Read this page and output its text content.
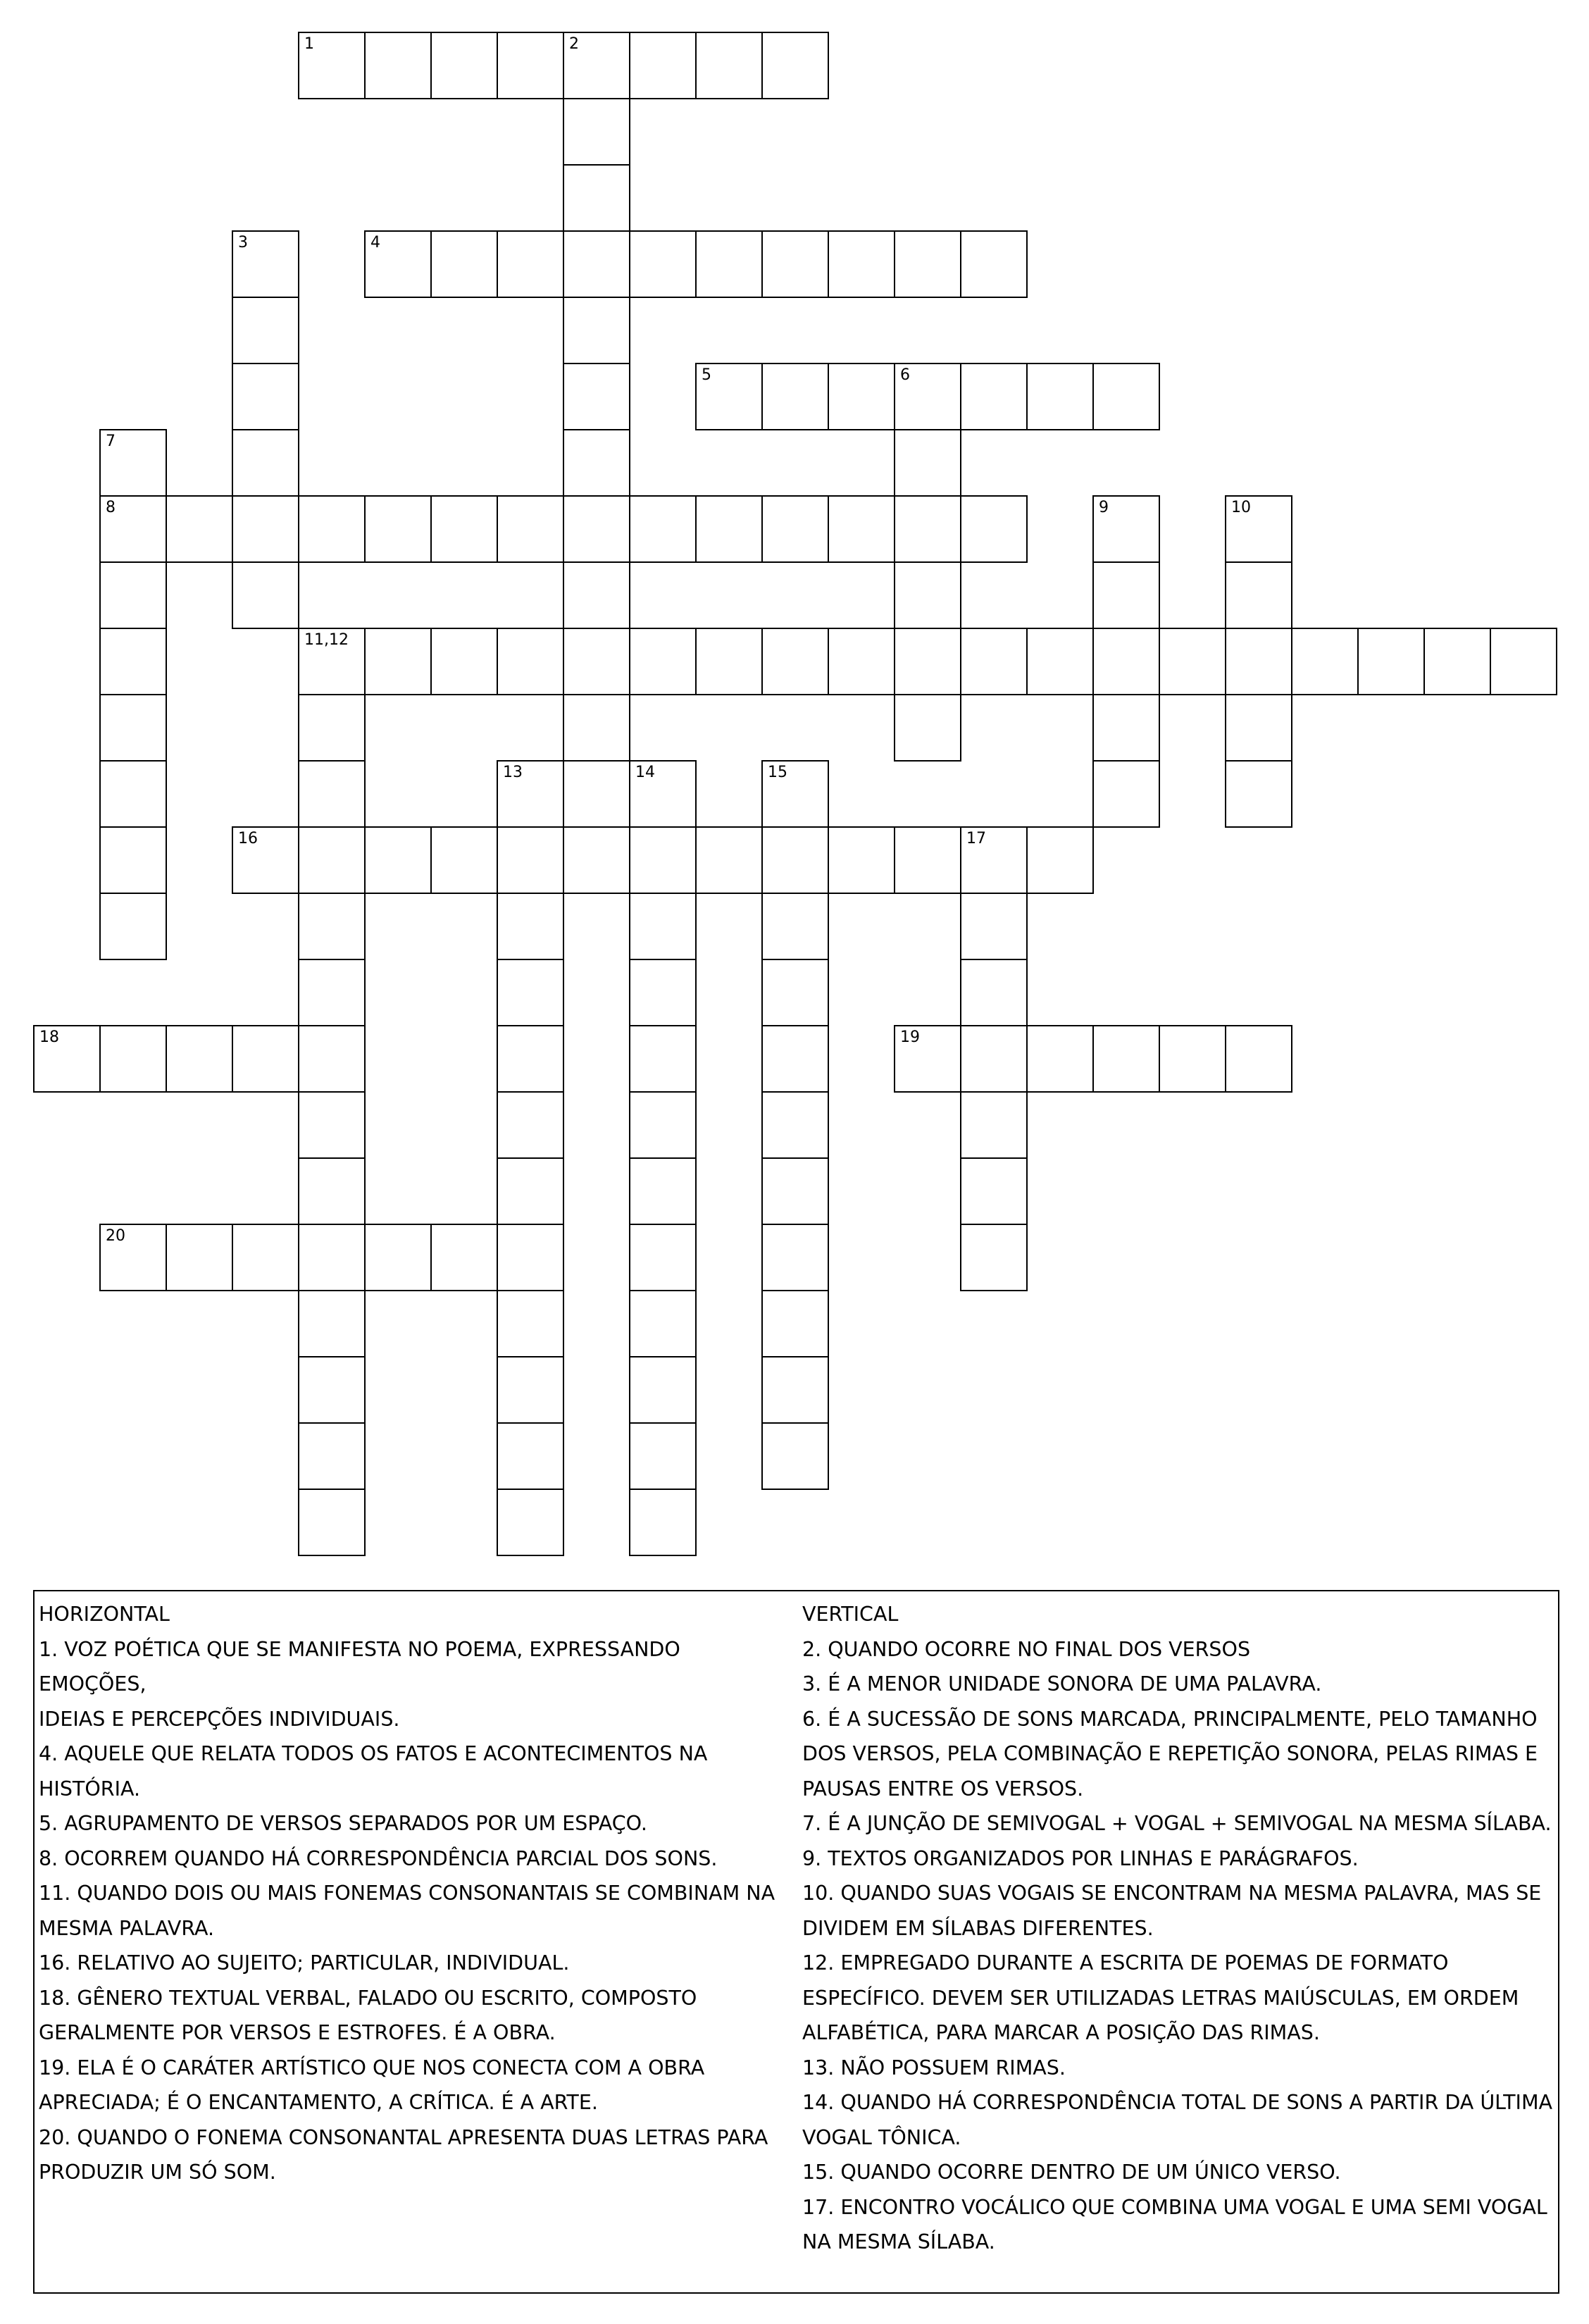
1	2
3	4
5	6
7
8	9	10
11,12
13	14	15
16	17
18	19
20

HORIZONTAL

1. VOZ POÉTICA QUE SE MANIFESTA NO POEMA, EXPRESSANDO EMOÇÕES,

IDEIAS E PERCEPÇÕES INDIVIDUAIS.

4. AQUELE QUE RELATA TODOS OS FATOS E ACONTECIMENTOS NA

HISTÓRIA.

5. AGRUPAMENTO DE VERSOS SEPARADOS POR UM ESPAÇO.

8. OCORREM QUANDO HÁ CORRESPONDÊNCIA PARCIAL DOS SONS.

11. QUANDO DOIS OU MAIS FONEMAS CONSONANTAIS SE COMBINAM NA

MESMA PALAVRA.

16. RELATIVO AO SUJEITO; PARTICULAR, INDIVIDUAL.

18. GÊNERO TEXTUAL VERBAL, FALADO OU ESCRITO, COMPOSTO

GERALMENTE POR VERSOS E ESTROFES. É A OBRA.

19. ELA É O CARÁTER ARTÍSTICO QUE NOS CONECTA COM A OBRA

APRECIADA; É O ENCANTAMENTO, A CRÍTICA. É A ARTE.

20. QUANDO O FONEMA CONSONANTAL APRESENTA DUAS LETRAS PARA

PRODUZIR UM SÓ SOM.

VERTICAL

2. QUANDO OCORRE NO FINAL DOS VERSOS

3. É A MENOR UNIDADE SONORA DE UMA PALAVRA.

6. É A SUCESSÃO DE SONS MARCADA, PRINCIPALMENTE, PELO TAMANHO

DOS VERSOS, PELA COMBINAÇÃO E REPETIÇÃO SONORA, PELAS RIMAS E

PAUSAS ENTRE OS VERSOS.

7. É A JUNÇÃO DE SEMIVOGAL + VOGAL + SEMIVOGAL NA MESMA SÍLABA.

9. TEXTOS ORGANIZADOS POR LINHAS E PARÁGRAFOS.

10. QUANDO SUAS VOGAIS SE ENCONTRAM NA MESMA PALAVRA, MAS SE

DIVIDEM EM SÍLABAS DIFERENTES.

12. EMPREGADO DURANTE A ESCRITA DE POEMAS DE FORMATO

ESPECÍFICO. DEVEM SER UTILIZADAS LETRAS MAIÚSCULAS, EM ORDEM

ALFABÉTICA, PARA MARCAR A POSIÇÃO DAS RIMAS.

13. NÃO POSSUEM RIMAS.

14. QUANDO HÁ CORRESPONDÊNCIA TOTAL DE SONS A PARTIR DA ÚLTIMA

VOGAL TÔNICA.

15. QUANDO OCORRE DENTRO DE UM ÚNICO VERSO.

17. ENCONTRO VOCÁLICO QUE COMBINA UMA VOGAL E UMA SEMI VOGAL

NA MESMA SÍLABA.
